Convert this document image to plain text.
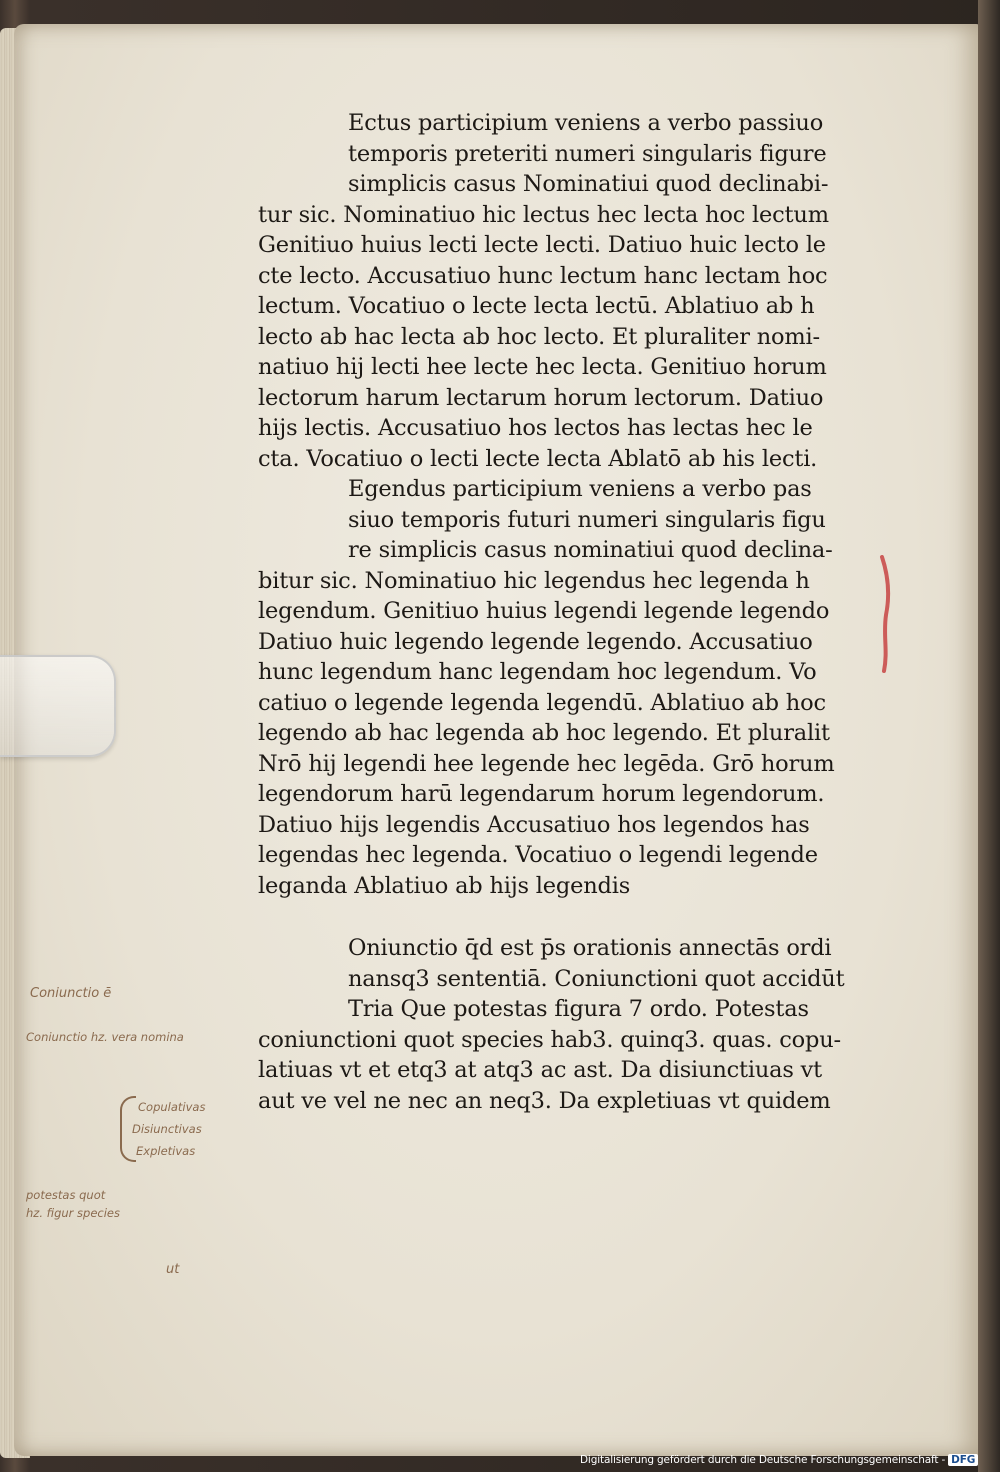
Ectus participium veniens a verbo passiuo
temporis preteriti numeri singularis figure
simplicis casus Nominatiui quod declinabi-
tur sic. Nominatiuo hic lectus hec lecta hoc lectum
Genitiuo huius lecti lecte lecti. Datiuo huic lecto le
cte lecto. Accusatiuo hunc lectum hanc lectam hoc
lectum. Vocatiuo o lecte lecta lectū. Ablatiuo ab h
lecto ab hac lecta ab hoc lecto. Et pluraliter nomi-
natiuo hij lecti hee lecte hec lecta. Genitiuo horum
lectorum harum lectarum horum lectorum. Datiuo
hijs lectis. Accusatiuo hos lectos has lectas hec le
cta. Vocatiuo o lecti lecte lecta Ablatō ab his lecti.
Egendus participium veniens a verbo pas
siuo temporis futuri numeri singularis figu
re simplicis casus nominatiui quod declina-
bitur sic. Nominatiuo hic legendus hec legenda h
legendum. Genitiuo huius legendi legende legendo
Datiuo huic legendo legende legendo. Accusatiuo
hunc legendum hanc legendam hoc legendum. Vo
catiuo o legende legenda legendū. Ablatiuo ab hoc
legendo ab hac legenda ab hoc legendo. Et pluralit
Nrō hij legendi hee legende hec legēda. Grō horum
legendorum harū legendarum horum legendorum.
Datiuo hijs legendis Accusatiuo hos legendos has
legendas hec legenda. Vocatiuo o legendi legende
leganda Ablatiuo ab hijs legendis
Oniunctio q̄d est p̄s orationis annectās ordi
nansq3 sententiā. Coniunctioni quot accidūt
Tria Que potestas figura 7 ordo. Potestas
coniunctioni quot species hab3. quinq3. quas. copu-
latiuas vt et etq3 at atq3 ac ast. Da disiunctiuas vt
aut ve vel ne nec an neq3. Da expletiuas vt quidem
Coniunctio ē
Coniunctio hz. vera nomina
Copulativas
Disiunctivas
Expletivas
potestas quot
hz. figur species
ut
Digitalisierung gefördert durch die Deutsche Forschungsgemeinschaft - DFG
